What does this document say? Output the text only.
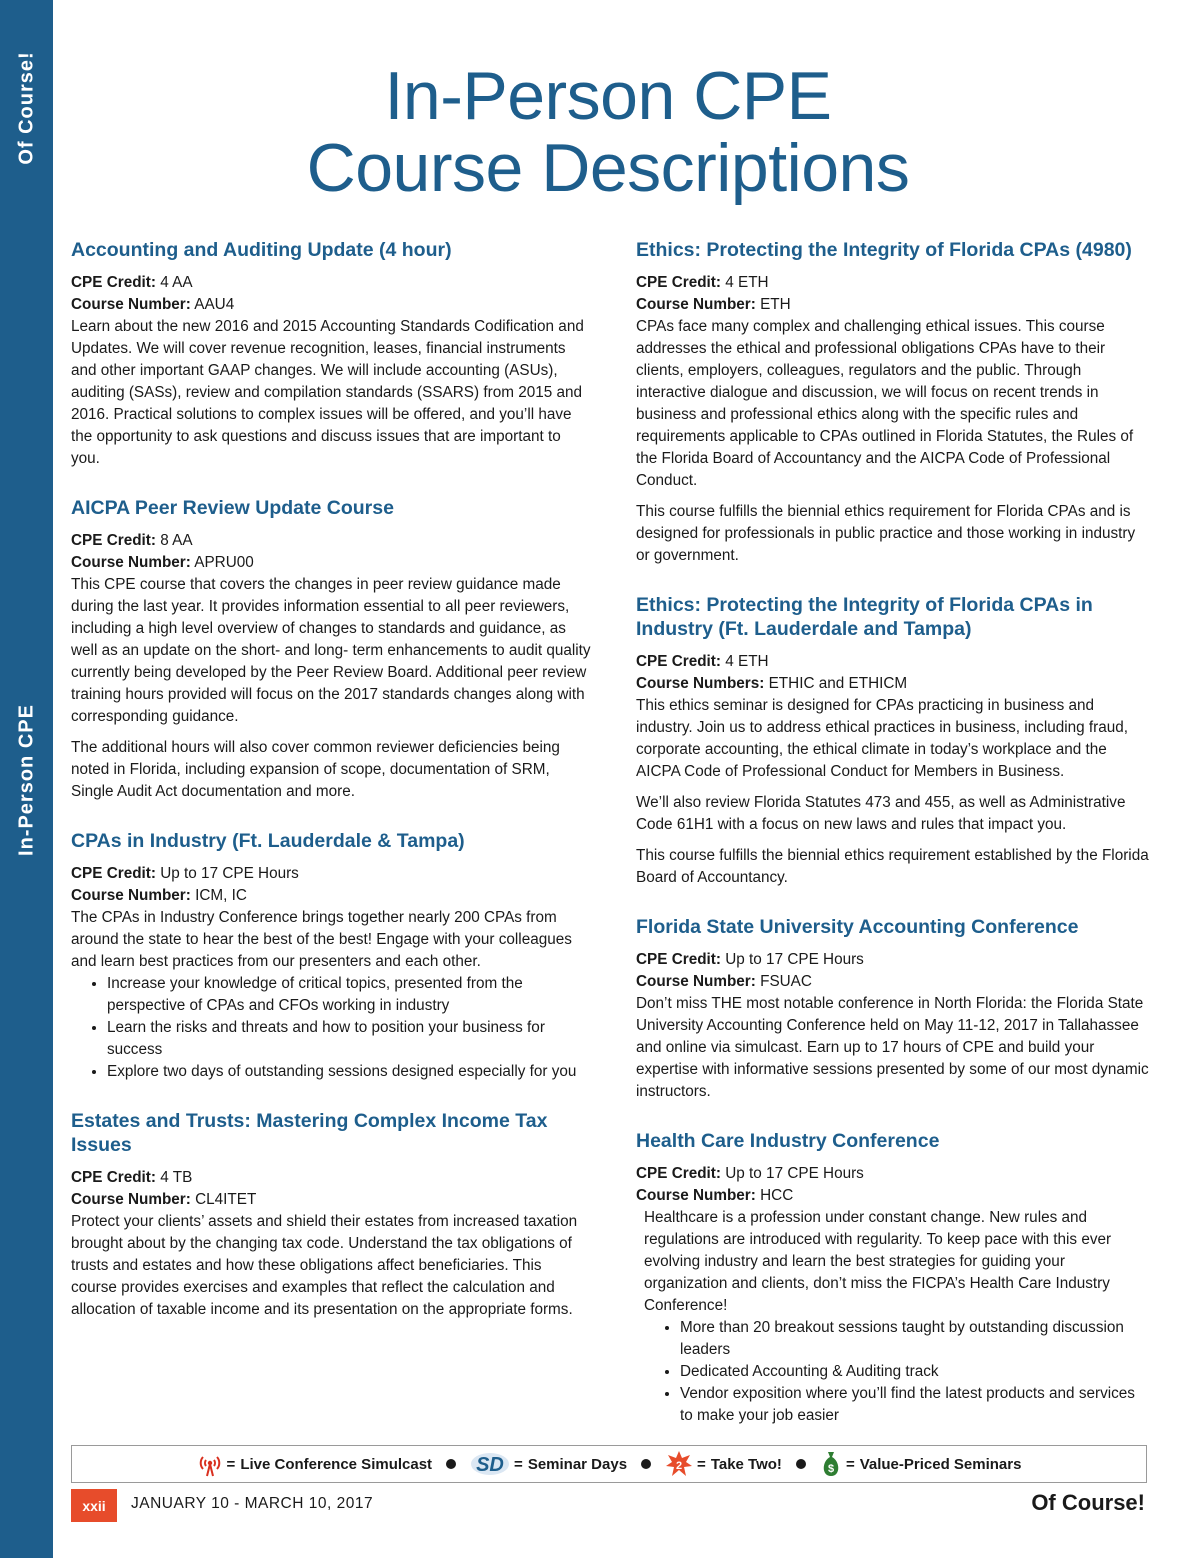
Of Course!
In-Person CPE
In-Person CPE
Course Descriptions
Accounting and Auditing Update (4 hour)
CPE Credit: 4 AA
Course Number: AAU4

Learn about the new 2016 and 2015 Accounting Standards Codification and Updates. We will cover revenue recognition, leases, financial instruments and other important GAAP changes. We will include accounting (ASUs), auditing (SASs), review and compilation standards (SSARS) from 2015 and 2016. Practical solutions to complex issues will be offered, and you’ll have the opportunity to ask questions and discuss issues that are important to you.

AICPA Peer Review Update Course
CPE Credit: 8 AA
Course Number: APRU00

This CPE course that covers the changes in peer review guidance made during the last year. It provides information essential to all peer reviewers, including a high level overview of changes to standards and guidance, as well as an update on the short- and long- term enhancements to audit quality currently being developed by the Peer Review Board. Additional peer review training hours provided will focus on the 2017 standards changes along with corresponding guidance.

The additional hours will also cover common reviewer deficiencies being noted in Florida, including expansion of scope, documentation of SRM, Single Audit Act documentation and more.

CPAs in Industry (Ft. Lauderdale & Tampa)
CPE Credit: Up to 17 CPE Hours
Course Number: ICM, IC

The CPAs in Industry Conference brings together nearly 200 CPAs from around the state to hear the best of the best! Engage with your colleagues and learn best practices from our presenters and each other.

• Increase your knowledge of critical topics, presented from the perspective of CPAs and CFOs working in industry
• Learn the risks and threats and how to position your business for success
• Explore two days of outstanding sessions designed especially for you
Estates and Trusts: Mastering Complex Income Tax Issues
CPE Credit: 4 TB
Course Number: CL4ITET

Protect your clients’ assets and shield their estates from increased taxation brought about by the changing tax code. Understand the tax obligations of trusts and estates and how these obligations affect beneficiaries. This course provides exercises and examples that reflect the calculation and allocation of taxable income and its presentation on the appropriate forms.

Ethics: Protecting the Integrity of Florida CPAs (4980)
CPE Credit: 4 ETH
Course Number: ETH

CPAs face many complex and challenging ethical issues. This course addresses the ethical and professional obligations CPAs have to their clients, employers, colleagues, regulators and the public. Through interactive dialogue and discussion, we will focus on recent trends in business and professional ethics along with the specific rules and requirements applicable to CPAs outlined in Florida Statutes, the Rules of the Florida Board of Accountancy and the AICPA Code of Professional Conduct.

This course fulfills the biennial ethics requirement for Florida CPAs and is designed for professionals in public practice and those working in industry or government.

Ethics: Protecting the Integrity of Florida CPAs in Industry (Ft. Lauderdale and Tampa)
CPE Credit: 4 ETH
Course Numbers: ETHIC and ETHICM

This ethics seminar is designed for CPAs practicing in business and industry. Join us to address ethical practices in business, including fraud, corporate accounting, the ethical climate in today’s workplace and the AICPA Code of Professional Conduct for Members in Business.

We’ll also review Florida Statutes 473 and 455, as well as Administrative Code 61H1 with a focus on new laws and rules that impact you.

This course fulfills the biennial ethics requirement established by the Florida Board of Accountancy.

Florida State University Accounting Conference
CPE Credit: Up to 17 CPE Hours
Course Number: FSUAC

Don’t miss THE most notable conference in North Florida: the Florida State University Accounting Conference held on May 11-12, 2017 in Tallahassee and online via simulcast. Earn up to 17 hours of CPE and build your expertise with informative sessions presented by some of our most dynamic instructors.

Health Care Industry Conference
CPE Credit: Up to 17 CPE Hours
Course Number: HCC

Healthcare is a profession under constant change. New rules and regulations are introduced with regularity. To keep pace with this ever evolving industry and learn the best strategies for guiding your organization and clients, don’t miss the FICPA’s Health Care Industry Conference!

• More than 20 breakout sessions taught by outstanding discussion leaders
• Dedicated Accounting & Auditing track
• Vendor exposition where you’ll find the latest products and services to make your job easier
= Live Conference Simulcast SD = Seminar Days	2 = Take Two!	$ = Value-Priced Seminars
xxii	JANUARY 10 - MARCH 10, 2017	Of Course!
